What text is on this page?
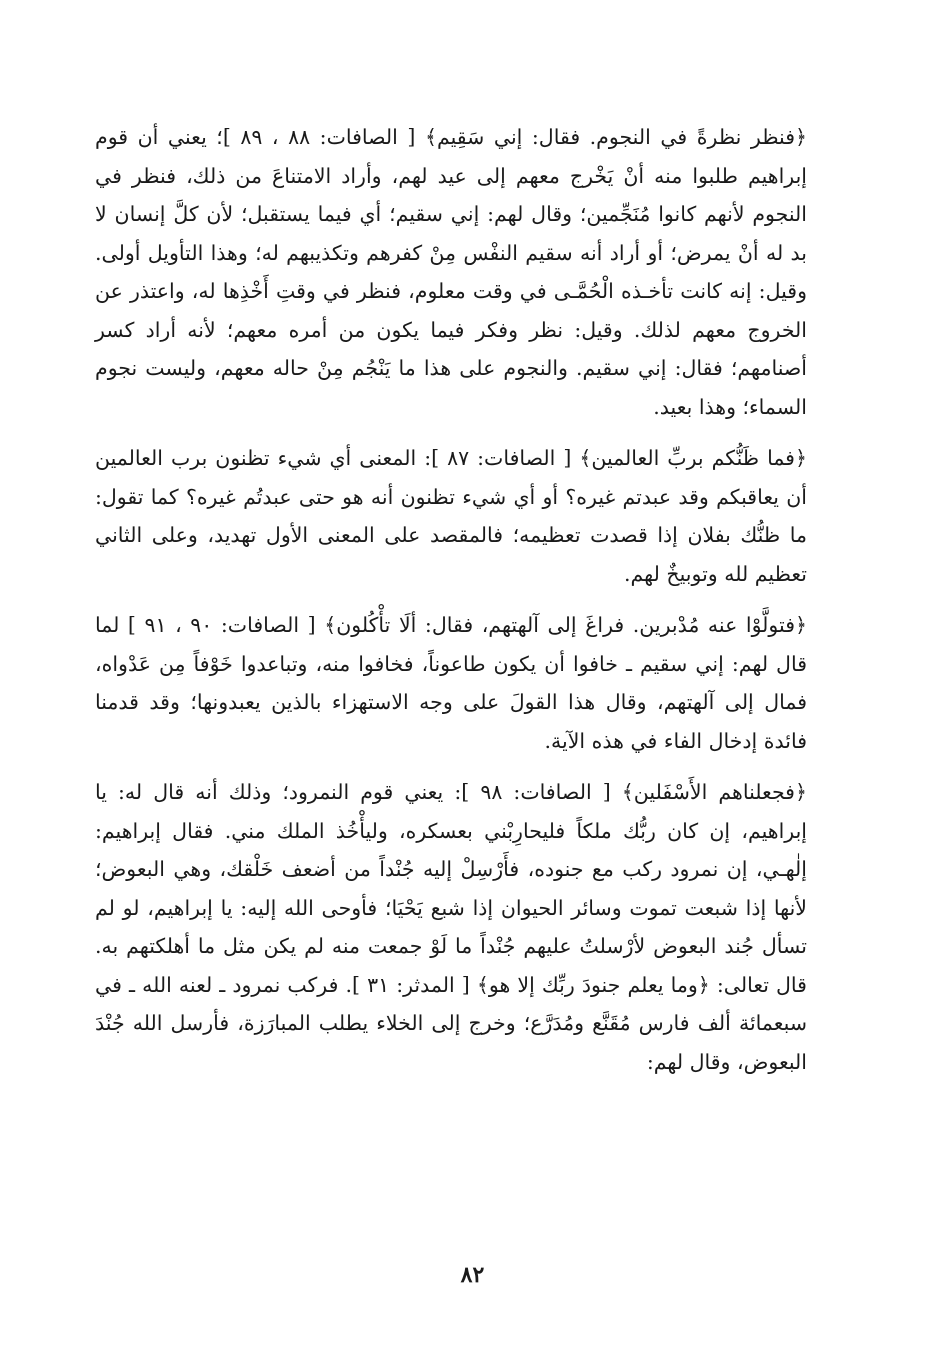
﴿فنظر نظرةً في النجوم. فقال: إني سَقِيم﴾ [ الصافات: ٨٨ ، ٨٩ ]؛ يعني أن قوم إبراهيم طلبوا منه أنْ يَخْرج معهم إلى عيد لهم، وأراد الامتناعَ من ذلك، فنظر في النجوم لأنهم كانوا مُنَجِّمين؛ وقال لهم: إني سقيم؛ أي فيما يستقبل؛ لأن كلَّ إنسان لا بد له أنْ يمرض؛ أو أراد أنه سقيم النفْس مِنْ كفرهم وتكذيبهم له؛ وهذا التأويل أولى. وقيل: إنه كانت تأخـذه الْحُمَّـى في وقت معلوم، فنظر في وقتِ أَخْذِها له، واعتذر عن الخروج معهم لذلك. وقيل: نظر وفكر فيما يكون من أمره معهم؛ لأنه أراد كسر أصنامهم؛ فقال: إني سقيم. والنجوم على هذا ما يَنْجُم مِنْ حاله معهم، وليست نجوم السماء؛ وهذا بعيد.

﴿فما ظَنُّكم بربِّ العالمين﴾ [ الصافات: ٨٧ ]: المعنى أي شيء تظنون برب العالمين أن يعاقبكم وقد عبدتم غيره؟ أو أي شيء تظنون أنه هو حتى عبدتُم غيره؟ كما تقول: ما ظنُّك بفلان إذا قصدت تعظيمه؛ فالمقصد على المعنى الأول تهديد، وعلى الثاني تعظيم لله وتوبيخٌ لهم.

﴿فتولَّوْا عنه مُدْبرين. فراغَ إلى آلهتهم، فقال: ألَا تأْكُلون﴾ [ الصافات: ٩٠ ، ٩١ ] لما قال لهم: إني سقيم ـ خافوا أن يكون طاعوناً، فخافوا منه، وتباعدوا خَوْفاً مِن عَدْواه، فمال إلى آلهتهم، وقال هذا القولَ على وجه الاستهزاء بالذين يعبدونها؛ وقد قدمنا فائدة إدخال الفاء في هذه الآية.

﴿فجعلناهم الأَسْفَلين﴾ [ الصافات: ٩٨ ]: يعني قوم النمرود؛ وذلك أنه قال له: يا إبراهيم، إن كان ربُّك ملكاً فليحارِبْني بعسكره، وليأْخُذ الملك مني. فقال إبراهيم: إلٰهـي، إن نمرود ركب مع جنوده، فأَرْسِلْ إليه جُنْداً من أضعف خَلْقك، وهي البعوض؛ لأنها إذا شبعت تموت وسائر الحيوان إذا شبع يَحْيَا؛ فأوحى الله إليه: يا إبراهيم، لو لم تسأل جُند البعوض لأرْسلتُ عليهم جُنْداً ما لَوْ جمعت منه لم يكن مثل ما أهلكتهم به. قال تعالى: ﴿وما يعلم جنودَ ربِّك إلا هو﴾ [ المدثر: ٣١ ]. فركب نمرود ـ لعنه الله ـ في سبعمائة ألف فارس مُقَنَّع ومُدَرَّع؛ وخرج إلى الخلاء يطلب المبارَزة، فأرسل الله جُنْدَ البعوض، وقال لهم:

٨٢
